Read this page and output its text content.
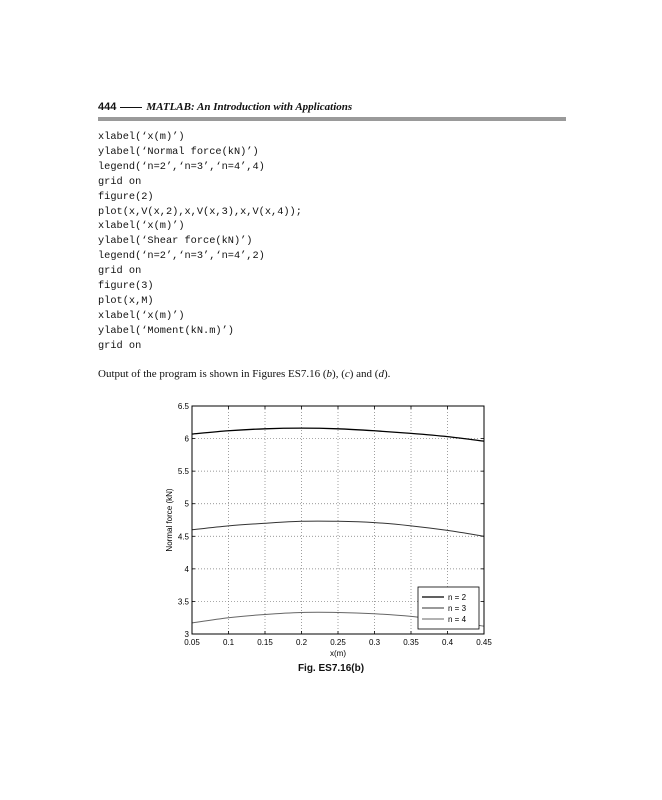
444	MATLAB: An Introduction with Applications
xlabel(‘x(m)’)
ylabel(‘Normal force(kN)’)
legend(‘n=2’,‘n=3’,‘n=4’,4)
grid on
figure(2)
plot(x,V(x,2),x,V(x,3),x,V(x,4));
xlabel(‘x(m)’)
ylabel(‘Shear force(kN)’)
legend(‘n=2’,‘n=3’,‘n=4’,2)
grid on
figure(3)
plot(x,M)
xlabel(‘x(m)’)
ylabel(‘Moment(kN.m)’)
grid on
Output of the program is shown in Figures ES7.16 (b), (c) and (d).
0.05	0.1	0.15	0.2	0.25	0.3	0.35	0.4	0.45
3
3.5
4
4.5
5
5.5
6
6.5
x(m)
Normal force (kN)
n = 2
n = 3
n = 4
Fig. ES7.16(b)
